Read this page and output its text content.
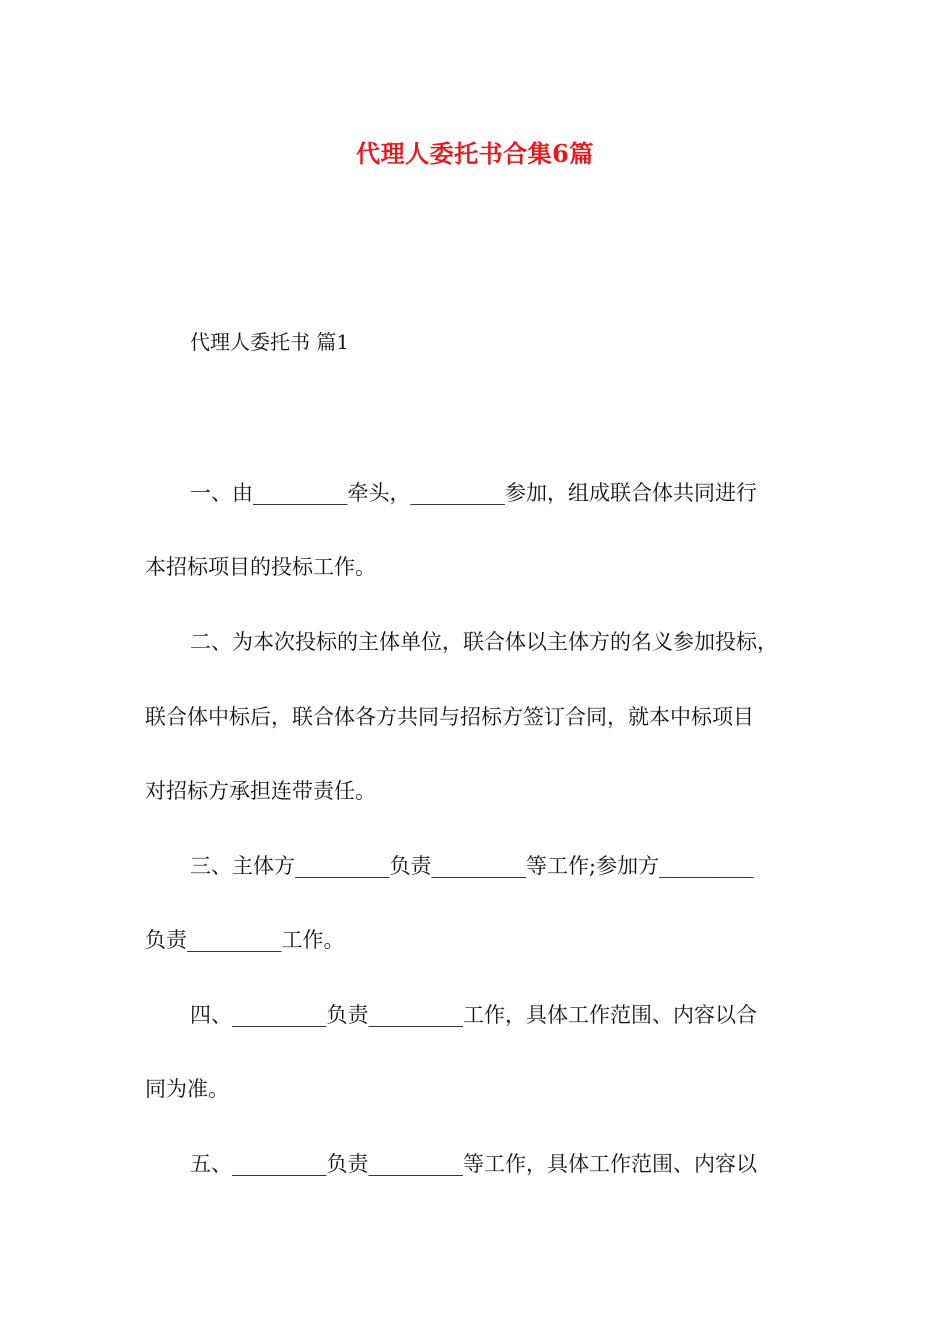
代理人委托书合集6篇

代理人委托书 篇1

一、由_________牵头，_________参加，组成联合体共同进行

本招标项目的投标工作。

二、为本次投标的主体单位，联合体以主体方的名义参加投标，

联合体中标后，联合体各方共同与招标方签订合同，就本中标项目

对招标方承担连带责任。

三、主体方_________负责_________等工作;参加方_________

负责_________工作。

四、_________负责_________工作，具体工作范围、内容以合

同为准。

五、_________负责_________等工作，具体工作范围、内容以
